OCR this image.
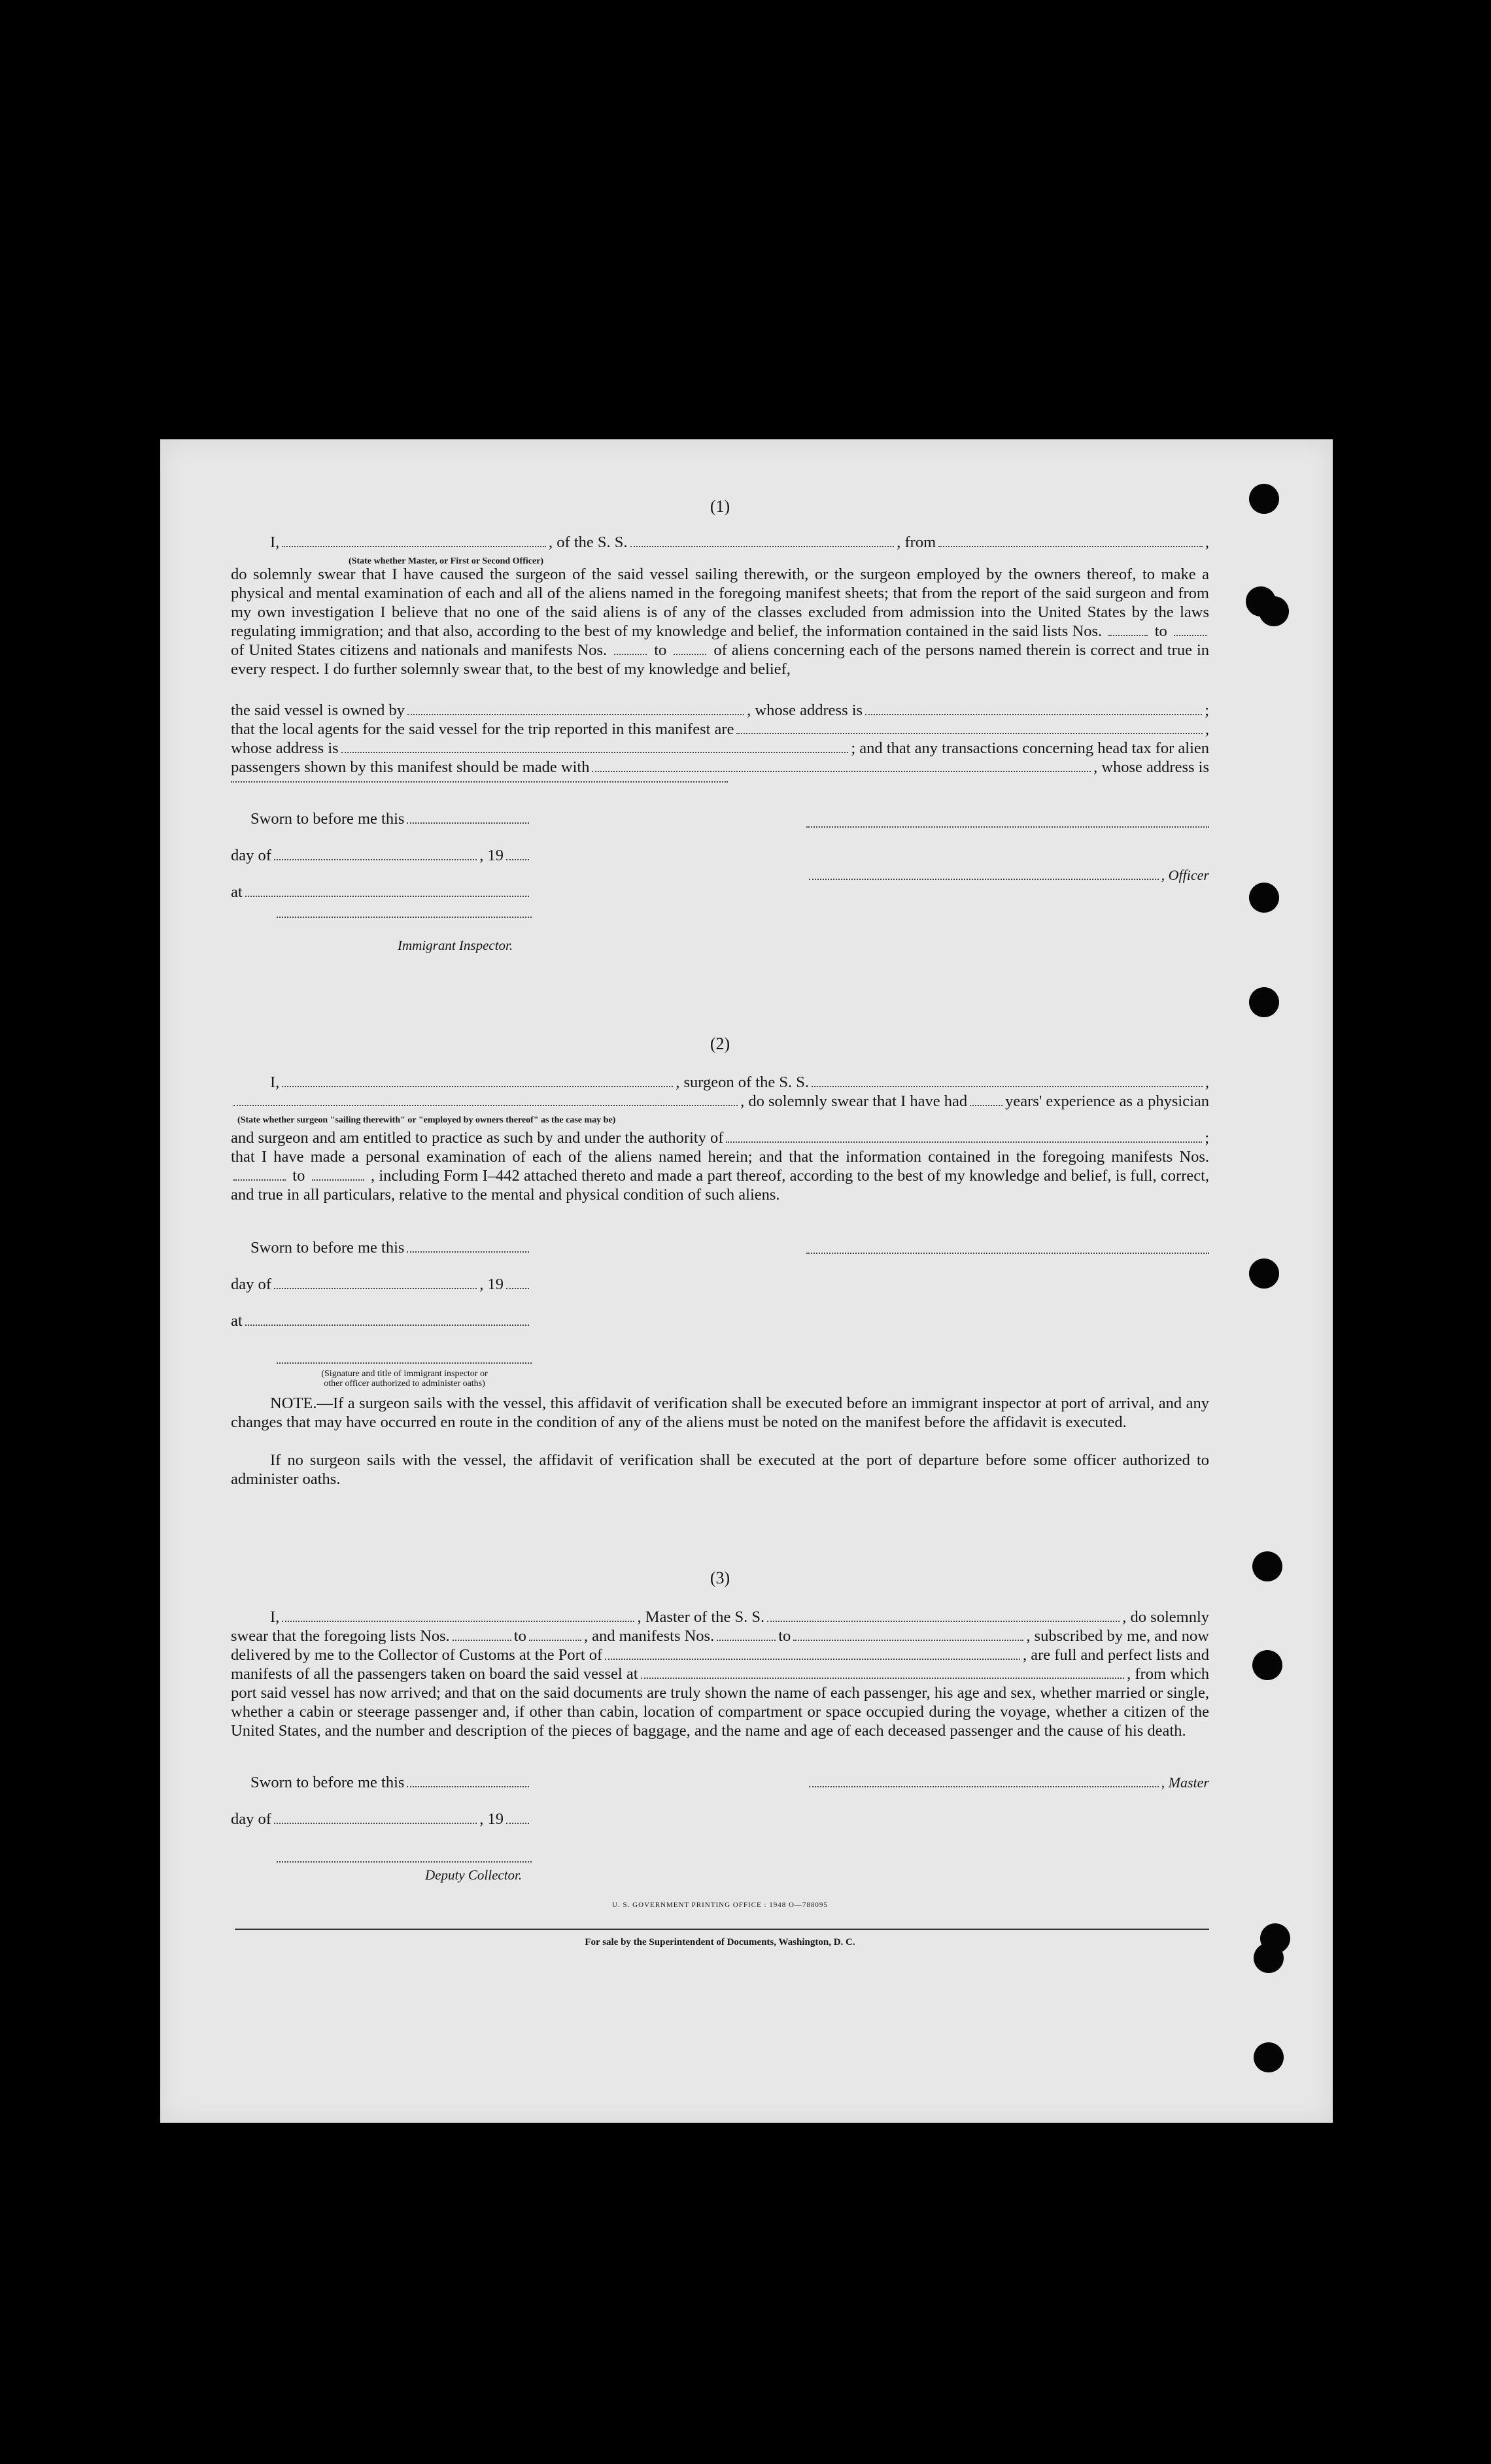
(1)
I,	, of the S. S.	, from	,
(State whether Master, or First or Second Officer)
do solemnly swear that I have caused the surgeon of the said vessel sailing therewith, or the surgeon employed by the owners thereof, to make a physical and mental examination of each and all of the aliens named in the foregoing manifest sheets; that from the report of the said surgeon and from my own investigation I believe that no one of the said aliens is of any of the classes excluded from admission into the United States by the laws regulating immigration; and that also, according to the best of my knowledge and belief, the information contained in the said lists Nos.	to  of United States citizens and nationals and manifests Nos.	to	of aliens concerning each of the persons named therein is correct and true in every respect. I do further solemnly swear that, to the best of my knowledge and belief,
the said vessel is owned by	, whose address is	;
that the local agents for the said vessel for the trip reported in this manifest are	,
whose address is	; and that any transactions concerning head tax for alien
passengers shown by this manifest should be made with	, whose address is
Sworn to before me this
day of	, 19
, Officer
at
Immigrant Inspector.
(2)
I,	, surgeon of the S. S.	,
, do solemnly swear that I have had years' experience as a physician
(State whether surgeon "sailing therewith" or "employed by owners thereof" as the case may be)
and surgeon and am entitled to practice as such by and under the authority of	;
that I have made a personal examination of each of the aliens named herein; and that the information contained in the foregoing manifests Nos.  to	, including Form I–442 attached thereto and made a part thereof, according to the best of my knowledge and belief, is full, correct, and true in all particulars, relative to the mental and physical condition of such aliens.
Sworn to before me this
day of	, 19
at
(Signature and title of immigrant inspector or
other officer authorized to administer oaths)
NOTE.—If a surgeon sails with the vessel, this affidavit of verification shall be executed before an immigrant inspector at port of arrival, and any changes that may have occurred en route in the condition of any of the aliens must be noted on the manifest before the affidavit is executed.
If no surgeon sails with the vessel, the affidavit of verification shall be executed at the port of departure before some officer authorized to administer oaths.
(3)
I,	, Master of the S. S.	, do solemnly
swear that the foregoing lists Nos.	to	, and manifests Nos.	to	, subscribed by me, and now
delivered by me to the Collector of Customs at the Port of	, are full and perfect lists and
manifests of all the passengers taken on board the said vessel at	, from which
port said vessel has now arrived; and that on the said documents are truly shown the name of each passenger, his age and sex, whether married or single, whether a cabin or steerage passenger and, if other than cabin, location of compartment or space occupied during the voyage, whether a citizen of the United States, and the number and description of the pieces of baggage, and the name and age of each deceased passenger and the cause of his death.
Sworn to before me this	, Master
day of	, 19
Deputy Collector.
U. S. GOVERNMENT PRINTING OFFICE : 1948 O—788095
For sale by the Superintendent of Documents, Washington, D. C.
